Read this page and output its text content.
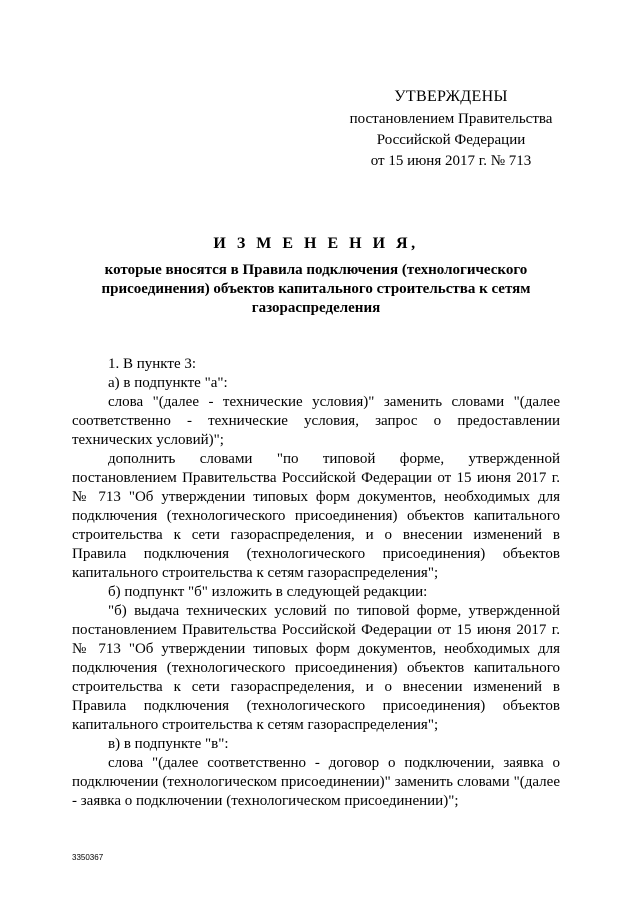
УТВЕРЖДЕНЫ
постановлением Правительства
Российской Федерации
от 15 июня 2017 г. № 713
И З М Е Н Е Н И Я,
которые вносятся в Правила подключения (технологического присоединения) объектов капитального строительства к сетям газораспределения

1. В пункте 3:

а) в подпункте "а":

слова "(далее - технические условия)" заменить словами "(далее соответственно - технические условия, запрос о предоставлении технических условий)";

дополнить словами "по типовой форме, утвержденной постановлением Правительства Российской Федерации от 15 июня 2017 г. № 713 "Об утверждении типовых форм документов, необходимых для подключения (технологического присоединения) объектов капитального строительства к сети газораспределения, и о внесении изменений в Правила подключения (технологического присоединения) объектов капитального строительства к сетям газораспределения";

б) подпункт "б" изложить в следующей редакции:

"б) выдача технических условий по типовой форме, утвержденной постановлением Правительства Российской Федерации от 15 июня 2017 г. № 713 "Об утверждении типовых форм документов, необходимых для подключения (технологического присоединения) объектов капитального строительства к сети газораспределения, и о внесении изменений в Правила подключения (технологического присоединения) объектов капитального строительства к сетям газораспределения";

в) в подпункте "в":

слова "(далее соответственно - договор о подключении, заявка о подключении (технологическом присоединении)" заменить словами "(далее - заявка о подключении (технологическом присоединении)";

3350367
